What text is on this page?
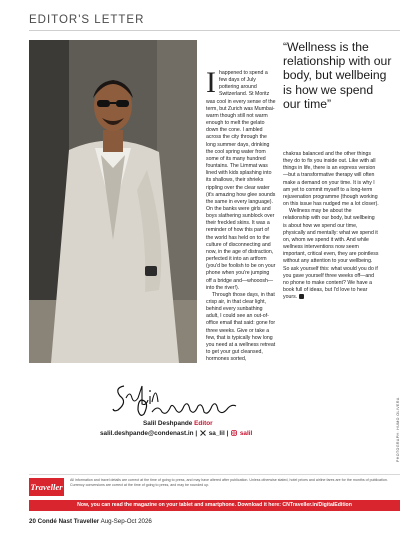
EDITOR'S LETTER
“Wellness is the relationship with our body, but wellbeing is how we spend our time”
I happened to spend a few days of July pottering around Switzerland. St Moritz was cool in every sense of the term, but Zurich was Mumbai-warm though still not warm enough to melt the gelato down the cone. I ambled across the city through the long summer days, drinking the cool spring water from some of its many hundred fountains. The Limmat was lined with kids splashing into its shallows, their shrieks rippling over the clear water (it's amazing how glee sounds the same in every language). On the banks were girls and boys slathering sunblock over their freckled skins. It was a reminder of how this part of the world has held on to the culture of disconnecting and now, in the age of distraction, perfected it into an artform (you'd be foolish to be on your phone when you're jumping off a bridge and—whooosh—into the river!).

Through those days, in that crisp air, in that clear light, behind every sunbathing adult, I could see an out-of-office email that said: gone for three weeks. Give or take a few, that is typically how long you need at a wellness retreat to get your gut cleansed, hormones sorted,

chakras balanced and the other things they do to fix you inside out. Like with all things in life, there is an express version—but a transformative therapy will often make a demand on your time. It is why I am yet to commit myself to a long-term rejuvenation programme (though working on this issue has nudged me a lot closer).

Wellness may be about the relationship with our body, but wellbeing is about how we spend our time, physically and mentally: what we spend it on, whom we spend it with. And while wellness interventions now seem important, critical even, they are pointless without any attention to your wellbeing. So ask yourself this: what would you do if you gave yourself three weeks off—and no phone to make content? We have a book full of ideas, but I'd love to hear yours.

Salil Deshpande Editor
salil.deshpande@condenast.in |  sa_lil |  salil
Traveller
All information and travel details are correct at the time of going to press, and may have altered after publication. Unless otherwise stated, hotel prices and airline fares are for the months of publication. Currency conversions are correct at the time of going to press, and may be rounded up.
Now, you can read the magazine on your tablet and smartphone. Download it here: CNTraveller.in/DigitalEdition
20 Condé Nast Traveller Aug-Sep-Oct 2026
PHOTOGRAPH: HUMO OLIVERA
